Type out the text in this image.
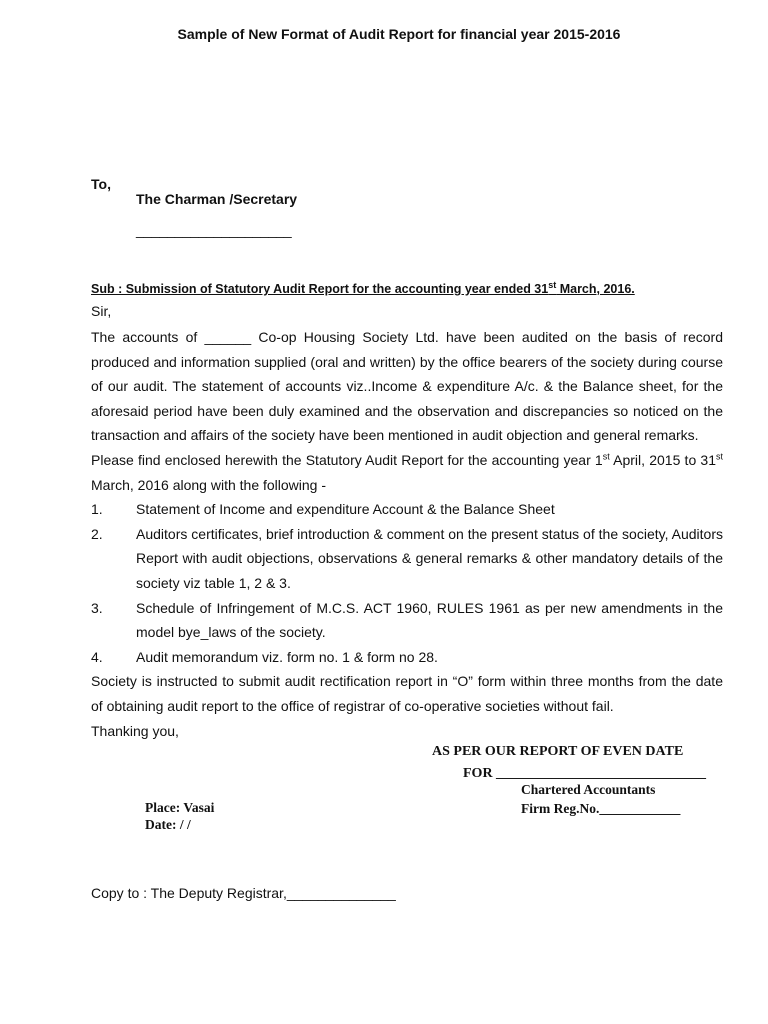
Sample of New Format of Audit Report for financial year 2015-2016

To,

The Charman /Secretary

____________________

Sub : Submission of Statutory Audit Report for the accounting year ended 31st March, 2016.

Sir,

The accounts of ______ Co-op Housing Society Ltd. have been audited on the basis of record produced and information supplied (oral and written) by the office bearers of the society during course of our audit. The statement of accounts viz..Income & expenditure A/c. & the Balance sheet, for the aforesaid period have been duly examined and the observation and discrepancies so noticed on the transaction and affairs of the society have been mentioned in audit objection and general remarks.

Please find enclosed herewith the Statutory Audit Report for the accounting year 1st April, 2015 to 31st March, 2016 along with the following -

1.	Statement of Income and expenditure Account & the Balance Sheet
2.	Auditors certificates, brief introduction & comment on the present status of the society, Auditors Report with audit objections, observations & general remarks & other mandatory details of the society viz table 1, 2 & 3.
3.	Schedule of Infringement of M.C.S. ACT 1960, RULES 1961 as per new amendments in the model bye_laws of the society.
4.	Audit memorandum viz. form no. 1 & form no 28.

Society is instructed to submit audit rectification report in “O” form within three months from the date of obtaining audit report to the office of registrar of co-operative societies without fail.

Thanking you,

AS PER OUR REPORT OF EVEN DATE

FOR ______________________________

Chartered Accountants

Firm Reg.No.____________

Place: Vasai

Date: / /

Copy to : The Deputy Registrar,______________
